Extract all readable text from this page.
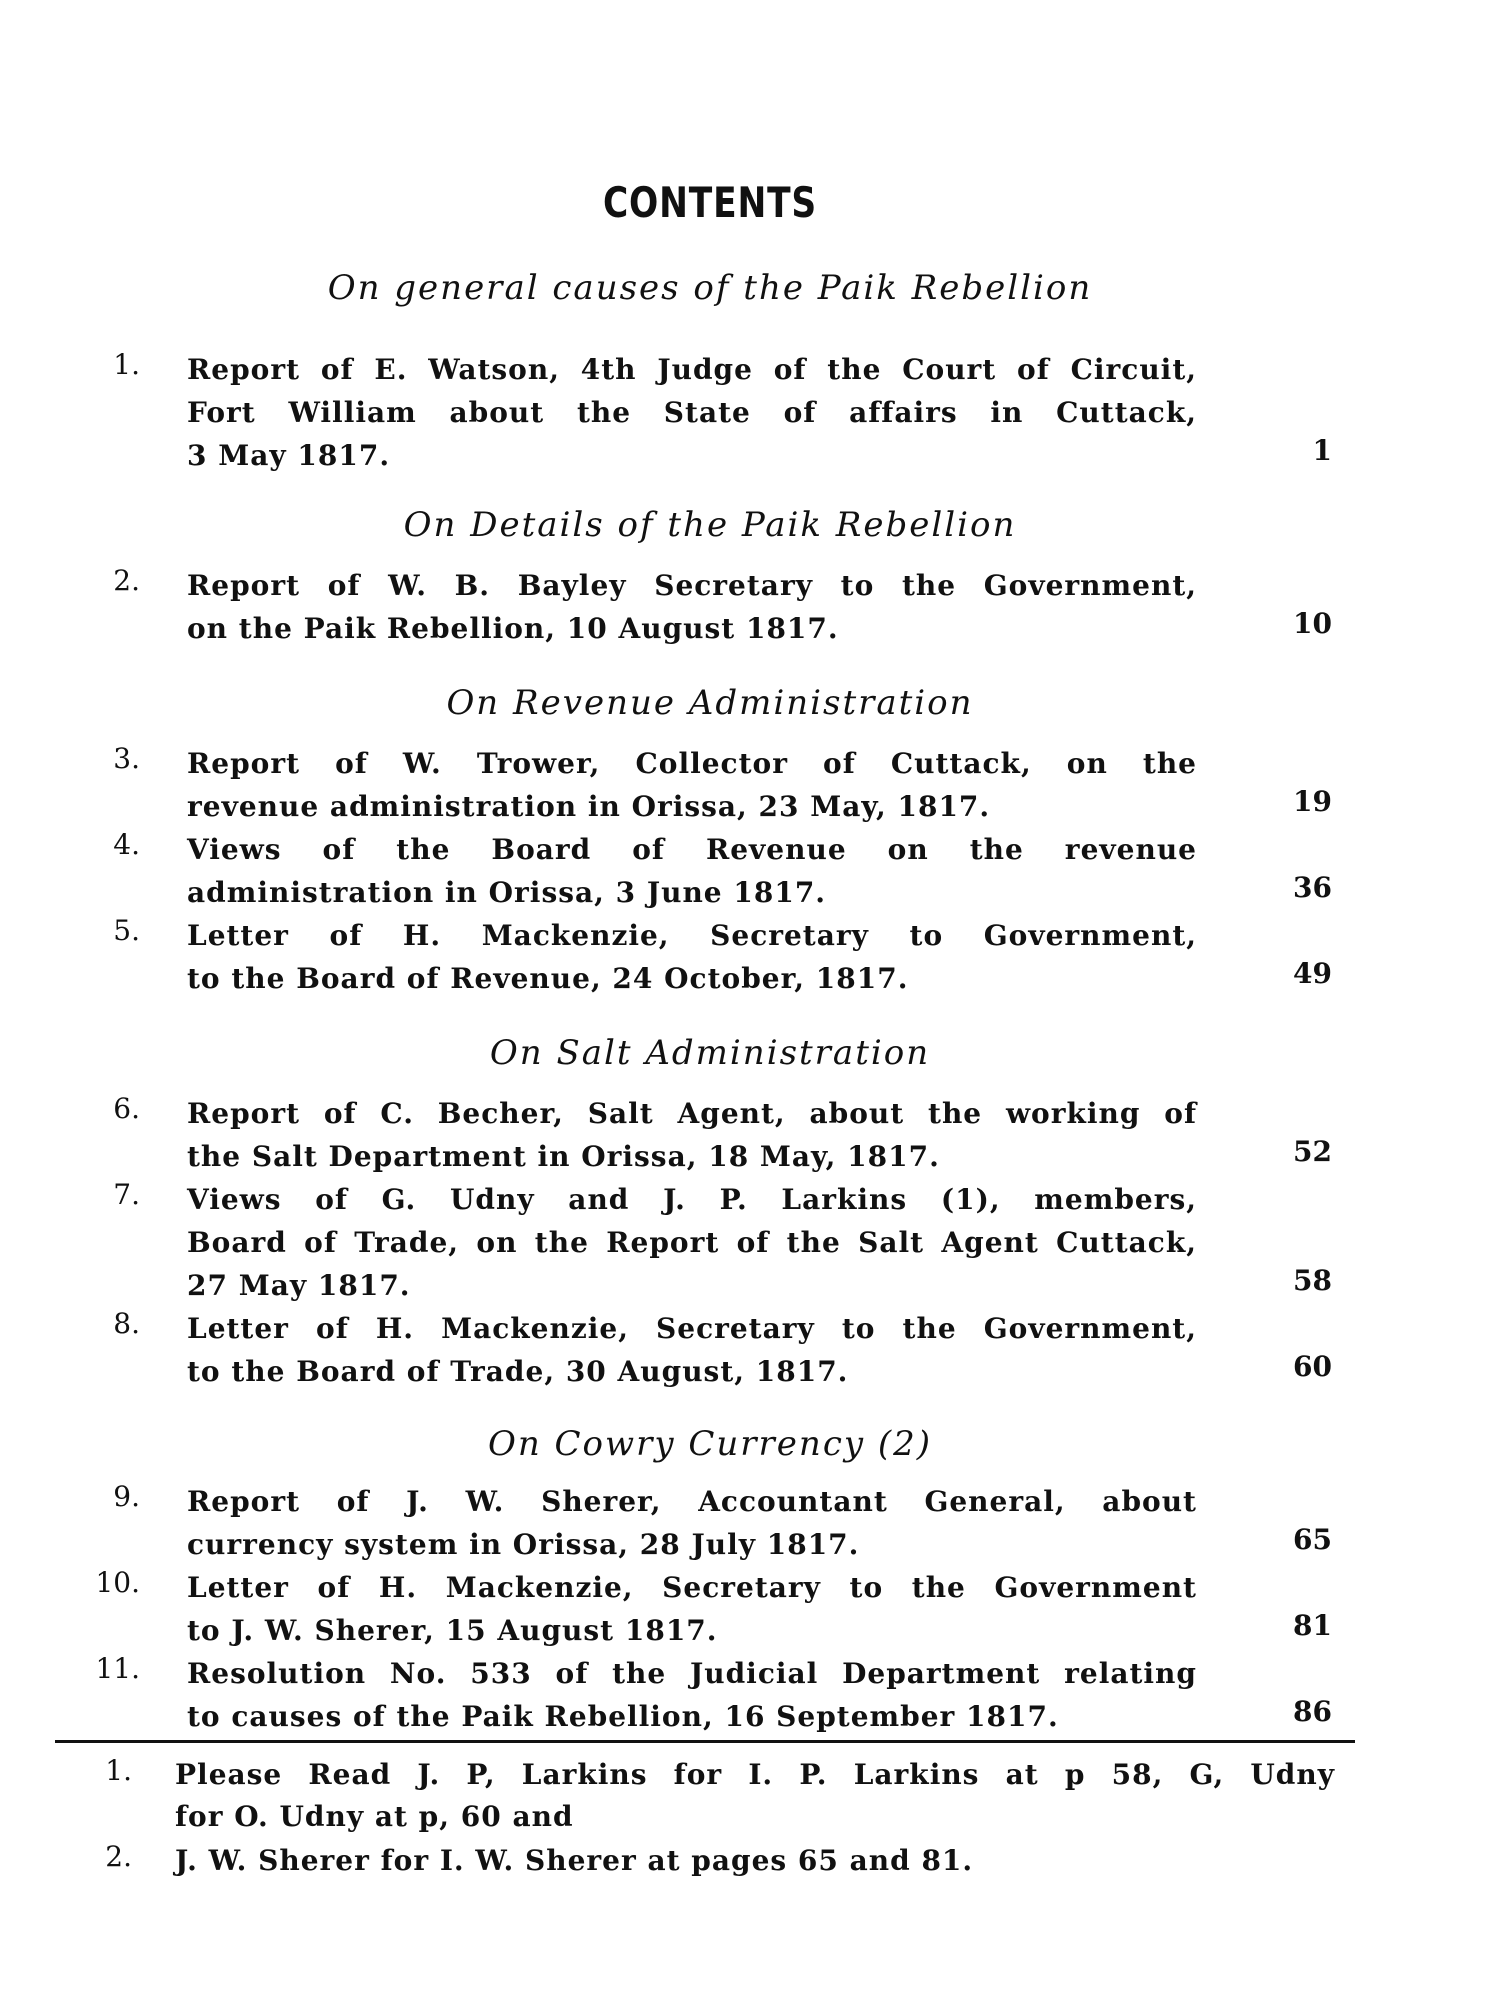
CONTENTS
On general causes of the Paik Rebellion
1. Report of E. Watson, 4th Judge of the Court of Circuit,
Fort William about the State of affairs in Cuttack,
3 May 1817.	1
On Details of the Paik Rebellion
2. Report of W. B. Bayley Secretary to the Government,
on the Paik Rebellion, 10 August 1817.	10
On Revenue Administration
3. Report of W. Trower, Collector of Cuttack, on the
revenue administration in Orissa, 23 May, 1817.	19
4. Views of the Board of Revenue on the revenue
administration in Orissa, 3 June 1817.	36
5. Letter of H. Mackenzie, Secretary to Government,
to the Board of Revenue, 24 October, 1817.	49
On Salt Administration
6. Report of C. Becher, Salt Agent, about the working of
the Salt Department in Orissa, 18 May, 1817.	52
7. Views of G. Udny and J. P. Larkins (1), members,
Board of Trade, on the Report of the Salt Agent Cuttack,
27 May 1817.	58
8. Letter of H. Mackenzie, Secretary to the Government,
to the Board of Trade, 30 August, 1817.	60
On Cowry Currency (2)
9. Report of J. W. Sherer, Accountant General, about
currency system in Orissa, 28 July 1817.	65
10. Letter of H. Mackenzie, Secretary to the Government
to J. W. Sherer, 15 August 1817.	81
11. Resolution No. 533 of the Judicial Department relating
to causes of the Paik Rebellion, 16 September 1817.	86
1. Please Read J. P, Larkins for I. P. Larkins at p 58, G, Udny
for O. Udny at p, 60 and
2. J. W. Sherer for I. W. Sherer at pages 65 and 81.
